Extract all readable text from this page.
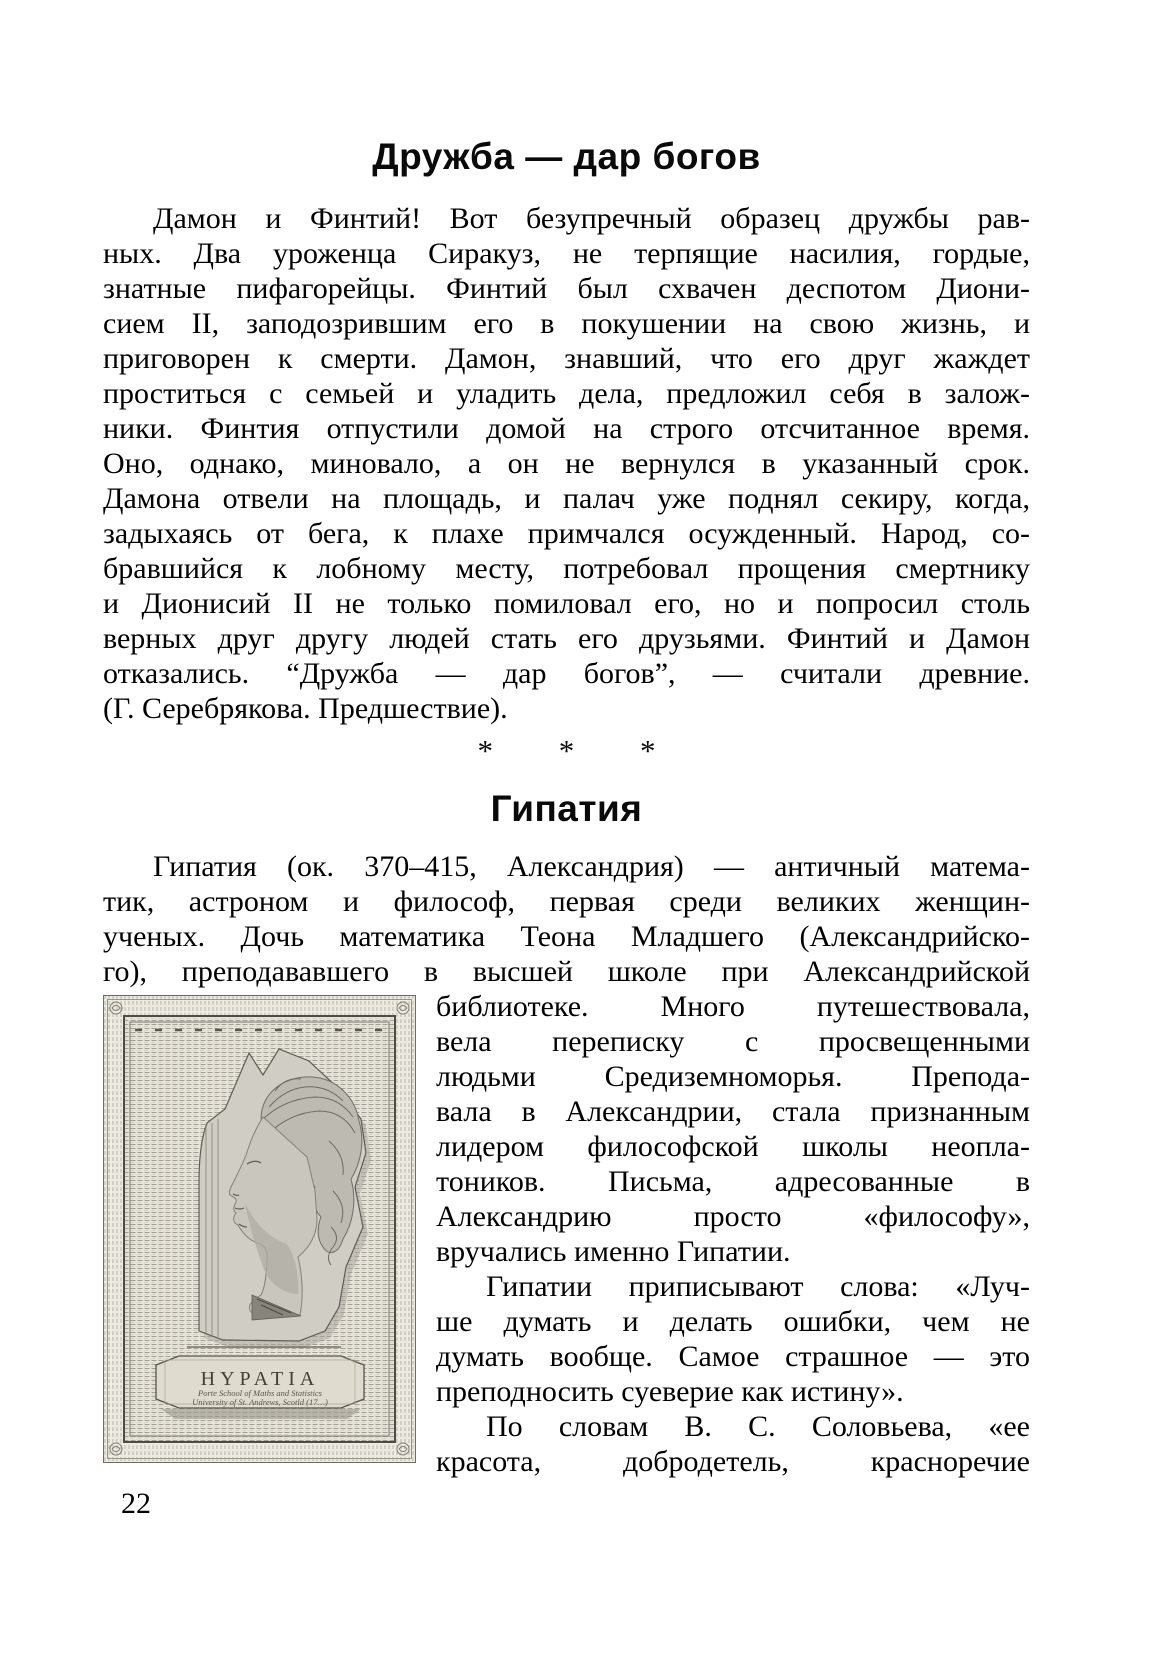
Дружба — дар богов
Дамон и Финтий! Вот безупречный образец дружбы рав-
ных. Два уроженца Сиракуз, не терпящие насилия, гордые,
знатные пифагорейцы. Финтий был схвачен деспотом Диони-
сием II, заподозрившим его в покушении на свою жизнь, и
приговорен к смерти. Дамон, знавший, что его друг жаждет
проститься с семьей и уладить дела, предложил себя в залож-
ники. Финтия отпустили домой на строго отсчитанное время.
Оно, однако, миновало, а он не вернулся в указанный срок.
Дамона отвели на площадь, и палач уже поднял секиру, когда,
задыхаясь от бега, к плахе примчался осужденный. Народ, со-
бравшийся к лобному месту, потребовал прощения смертнику
и Дионисий II не только помиловал его, но и попросил столь
верных друг другу людей стать его друзьями. Финтий и Дамон
отказались. “Дружба — дар богов”, — считали древние.
(Г. Серебрякова. Предшествие).
* * *
Гипатия
Гипатия (ок. 370–415, Александрия) — античный матема-
тик, астроном и философ, первая среди великих женщин-
ученых. Дочь математика Теона Младшего (Александрийско-
го), преподававшего в высшей школе при Александрийской
HYPATIA
Porte School of Maths and Statistics
University of St. Andrews, Scotld (17…)
библиотеке. Много путешествовала,
вела переписку с просвещенными
людьми Средиземноморья. Препода-
вала в Александрии, стала признанным
лидером философской школы неопла-
тоников. Письма, адресованные в
Александрию просто «философу»,
вручались именно Гипатии.
Гипатии приписывают слова: «Луч-
ше думать и делать ошибки, чем не
думать вообще. Самое страшное — это
преподносить суеверие как истину».
По словам В. С. Соловьева, «ее
красота, добродетель, красноречие
22
